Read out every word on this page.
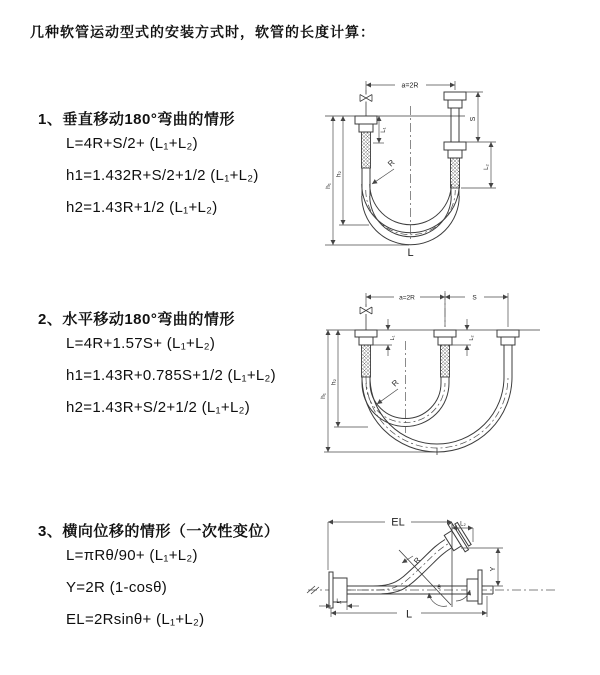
几种软管运动型式的安装方式时，软管的长度计算：
1、垂直移动180°弯曲的情形
L=4R+S/2+ (L₁+L₂)
h1=1.432R+S/2+1/2 (L₁+L₂)
h2=1.43R+1/2 (L₁+L₂)
a=2R
h₁
h₂
L₁
S
L₂
R
L
2、水平移动180°弯曲的情形
L=4R+1.57S+ (L₁+L₂)
h1=1.43R+0.785S+1/2 (L₁+L₂)
h2=1.43R+S/2+1/2 (L₁+L₂)
a=2R	S
h₁
h₂
L₁	L₂
R
3、横向位移的情形（一次性变位）
L=πRθ/90+ (L₁+L₂)
Y=2R (1-cosθ)
EL=2Rsinθ+ (L₁+L₂)
EL	L₂
R
θ
Y
L
L₁
